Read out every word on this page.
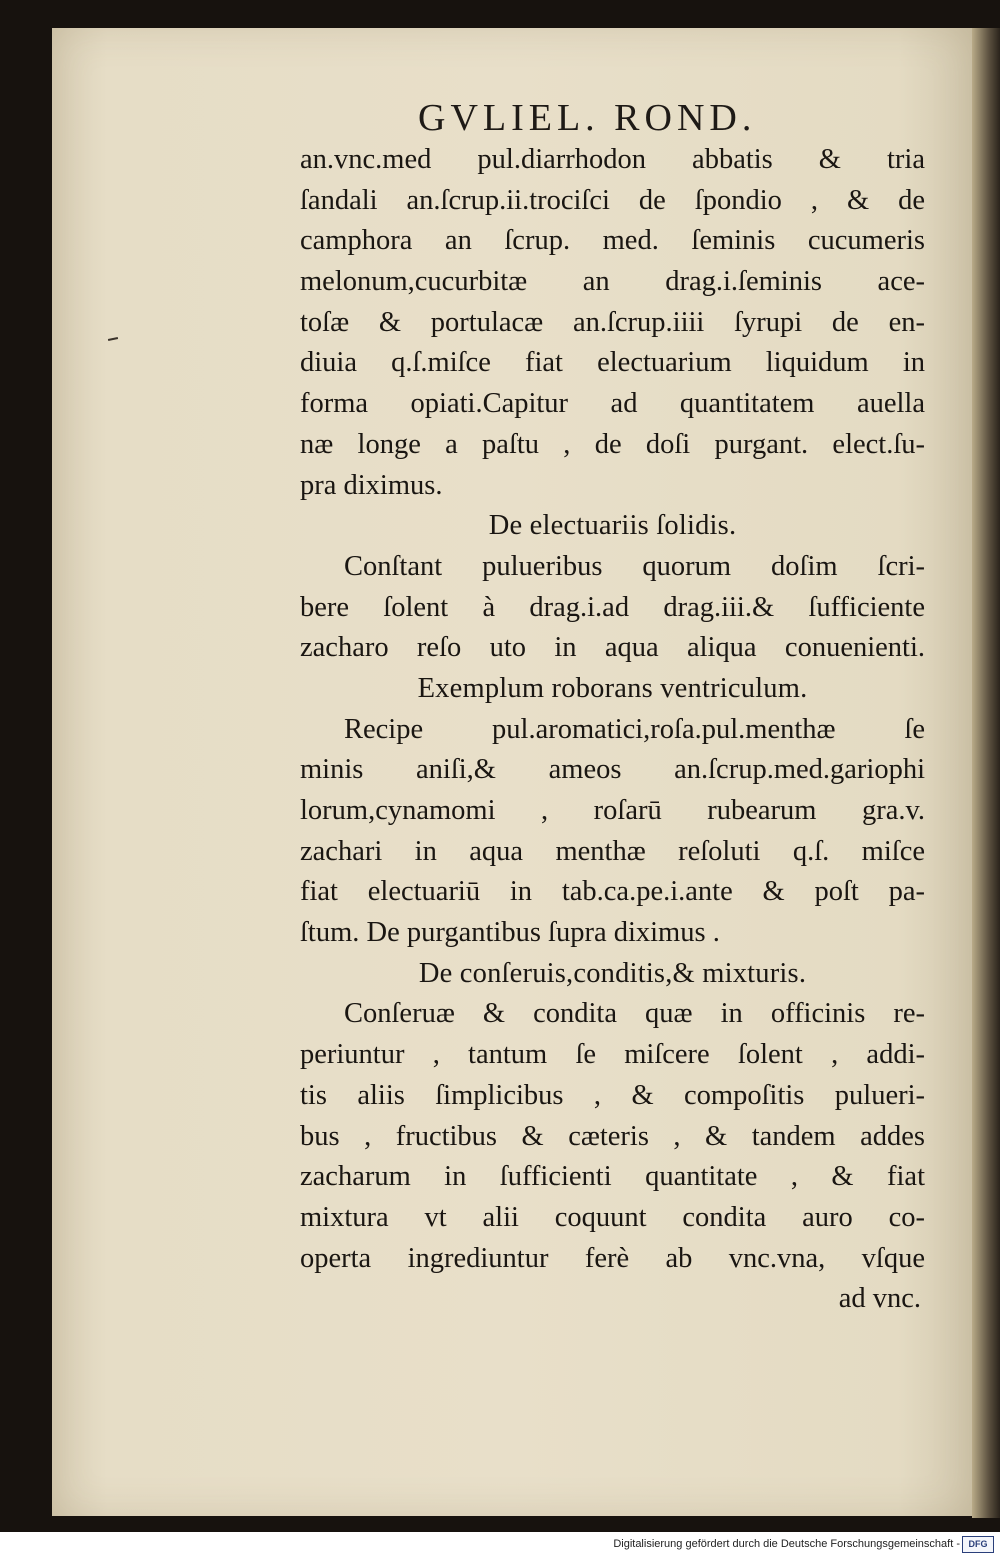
GVLIEL. ROND.
an.vnc.med pul.diarrhodon abbatis & tria
ſandali an.ſcrup.ii.trociſci de ſpondio , & de
camphora an ſcrup. med. ſeminis cucumeris
melonum,cucurbitæ an drag.i.ſeminis ace-
toſæ & portulacæ an.ſcrup.iiii ſyrupi de en-
diuia q.ſ.miſce fiat electuarium liquidum in
forma opiati.Capitur ad quantitatem auella
næ longe a paſtu , de doſi purgant. elect.ſu-
pra diximus.
De electuariis ſolidis.
Conſtant pulueribus quorum doſim ſcri-
bere ſolent à drag.i.ad drag.iii.& ſufficiente
zacharo reſo uto in aqua aliqua conuenienti.
Exemplum roborans ventriculum.
Recipe pul.aromatici,roſa.pul.menthæ ſe
minis aniſi,& ameos an.ſcrup.med.gariophi
lorum,cynamomi , roſarū rubearum gra.v.
zachari in aqua menthæ reſoluti q.ſ. miſce
fiat electuariū in tab.ca.pe.i.ante & poſt pa-
ſtum. De purgantibus ſupra diximus .
De conſeruis,conditis,& mixturis.
Conſeruæ & condita quæ in officinis re-
periuntur , tantum ſe miſcere ſolent , addi-
tis aliis ſimplicibus , & compoſitis pulueri-
bus , fructibus & cæteris , & tandem addes
zacharum in ſufficienti quantitate , & fiat
mixtura vt alii coquunt condita auro co-
operta ingrediuntur ferè ab vnc.vna, vſque
ad vnc.
Digitalisierung gefördert durch die Deutsche Forschungsgemeinschaft - DFG
